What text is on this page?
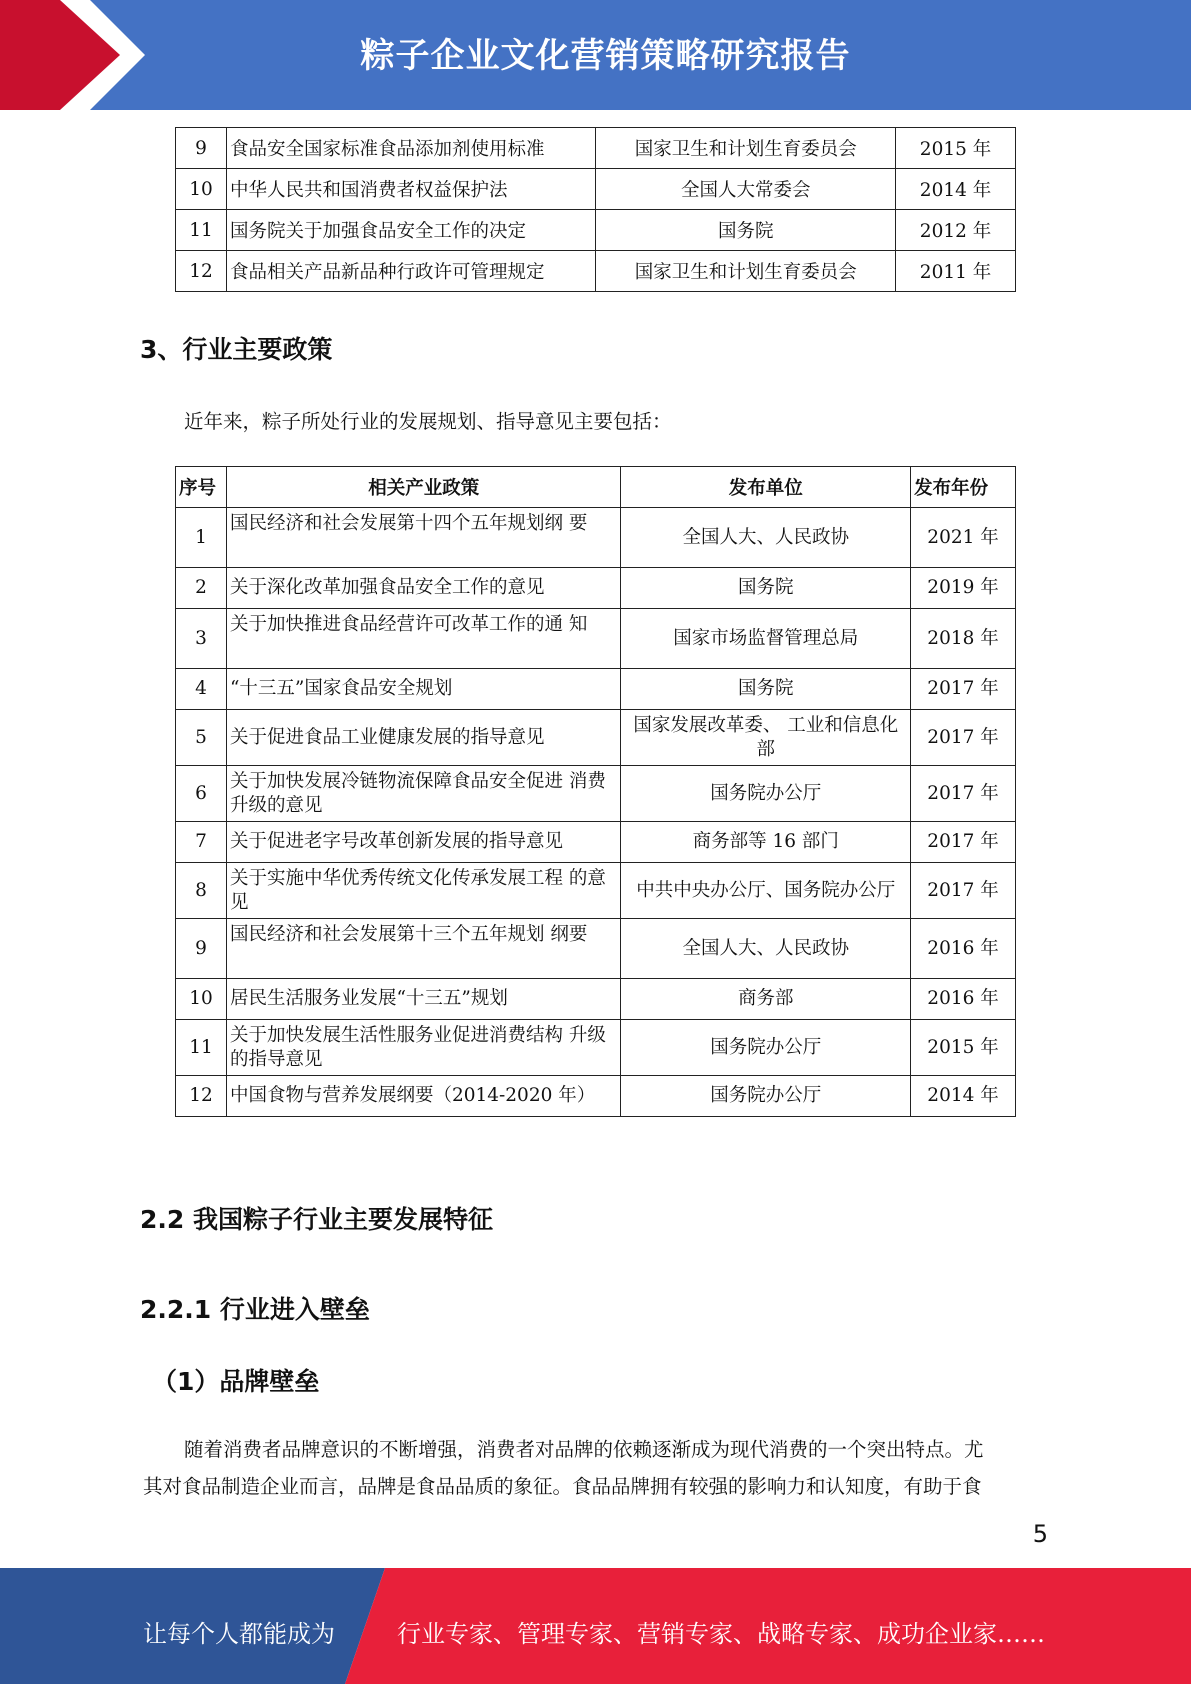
粽子企业文化营销策略研究报告
9	食品安全国家标准食品添加剂使用标准	国家卫生和计划生育委员会	2015 年
10	中华人民共和国消费者权益保护法	全国人大常委会	2014 年
11	国务院关于加强食品安全工作的决定	国务院	2012 年
12	食品相关产品新品种行政许可管理规定	国家卫生和计划生育委员会	2011 年
3、行业主要政策
近年来，粽子所处行业的发展规划、指导意见主要包括：
序号	相关产业政策	发布单位	发布年份
1	国民经济和社会发展第十四个五年规划纲 要	全国人大、人民政协	2021 年
2	关于深化改革加强食品安全工作的意见	国务院	2019 年
3	关于加快推进食品经营许可改革工作的通 知	国家市场监督管理总局	2018 年
4	“十三五”国家食品安全规划	国务院	2017 年
5	关于促进食品工业健康发展的指导意见	国家发展改革委、 工业和信息化部	2017 年
6	关于加快发展冷链物流保障食品安全促进 消费升级的意见	国务院办公厅	2017 年
7	关于促进老字号改革创新发展的指导意见	商务部等 16 部门	2017 年
8	关于实施中华优秀传统文化传承发展工程 的意见	中共中央办公厅、国务院办公厅	2017 年
9	国民经济和社会发展第十三个五年规划 纲要	全国人大、人民政协	2016 年
10	居民生活服务业发展“十三五”规划	商务部	2016 年
11	关于加快发展生活性服务业促进消费结构 升级的指导意见	国务院办公厅	2015 年
12	中国食物与营养发展纲要（2014-2020 年）	国务院办公厅	2014 年
2.2 我国粽子行业主要发展特征
2.2.1 行业进入壁垒
（1）品牌壁垒
随着消费者品牌意识的不断增强，消费者对品牌的依赖逐渐成为现代消费的一个突出特点。尤
其对食品制造企业而言，品牌是食品品质的象征。食品品牌拥有较强的影响力和认知度，有助于食
5
让每个人都能成为	行业专家、管理专家、营销专家、战略专家、成功企业家……
